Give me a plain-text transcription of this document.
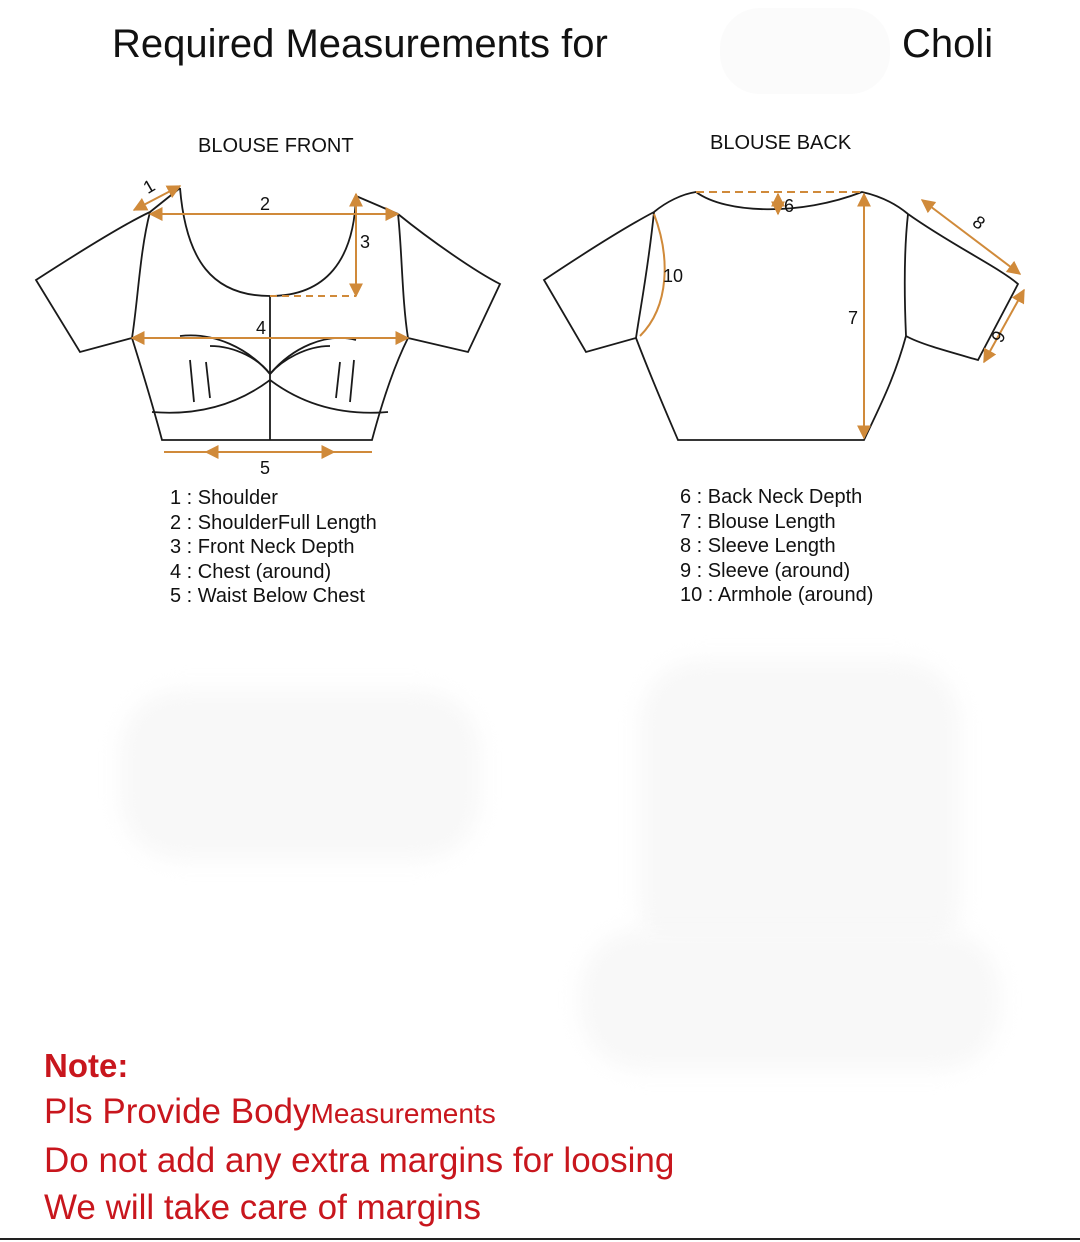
Required Measurements for	Choli
BLOUSE FRONT	BLOUSE BACK
1
2
3
4
5
6
7
8
9
10
1 : Shoulder
2 : ShoulderFull Length
3 : Front Neck Depth
4 : Chest (around)
5 : Waist Below Chest
6 : Back Neck Depth
7 : Blouse Length
8 : Sleeve Length
9 : Sleeve (around)
10 : Armhole (around)
Note:
Pls Provide BodyMeasurements
Do not add any extra margins for loosing
We will take care of margins
